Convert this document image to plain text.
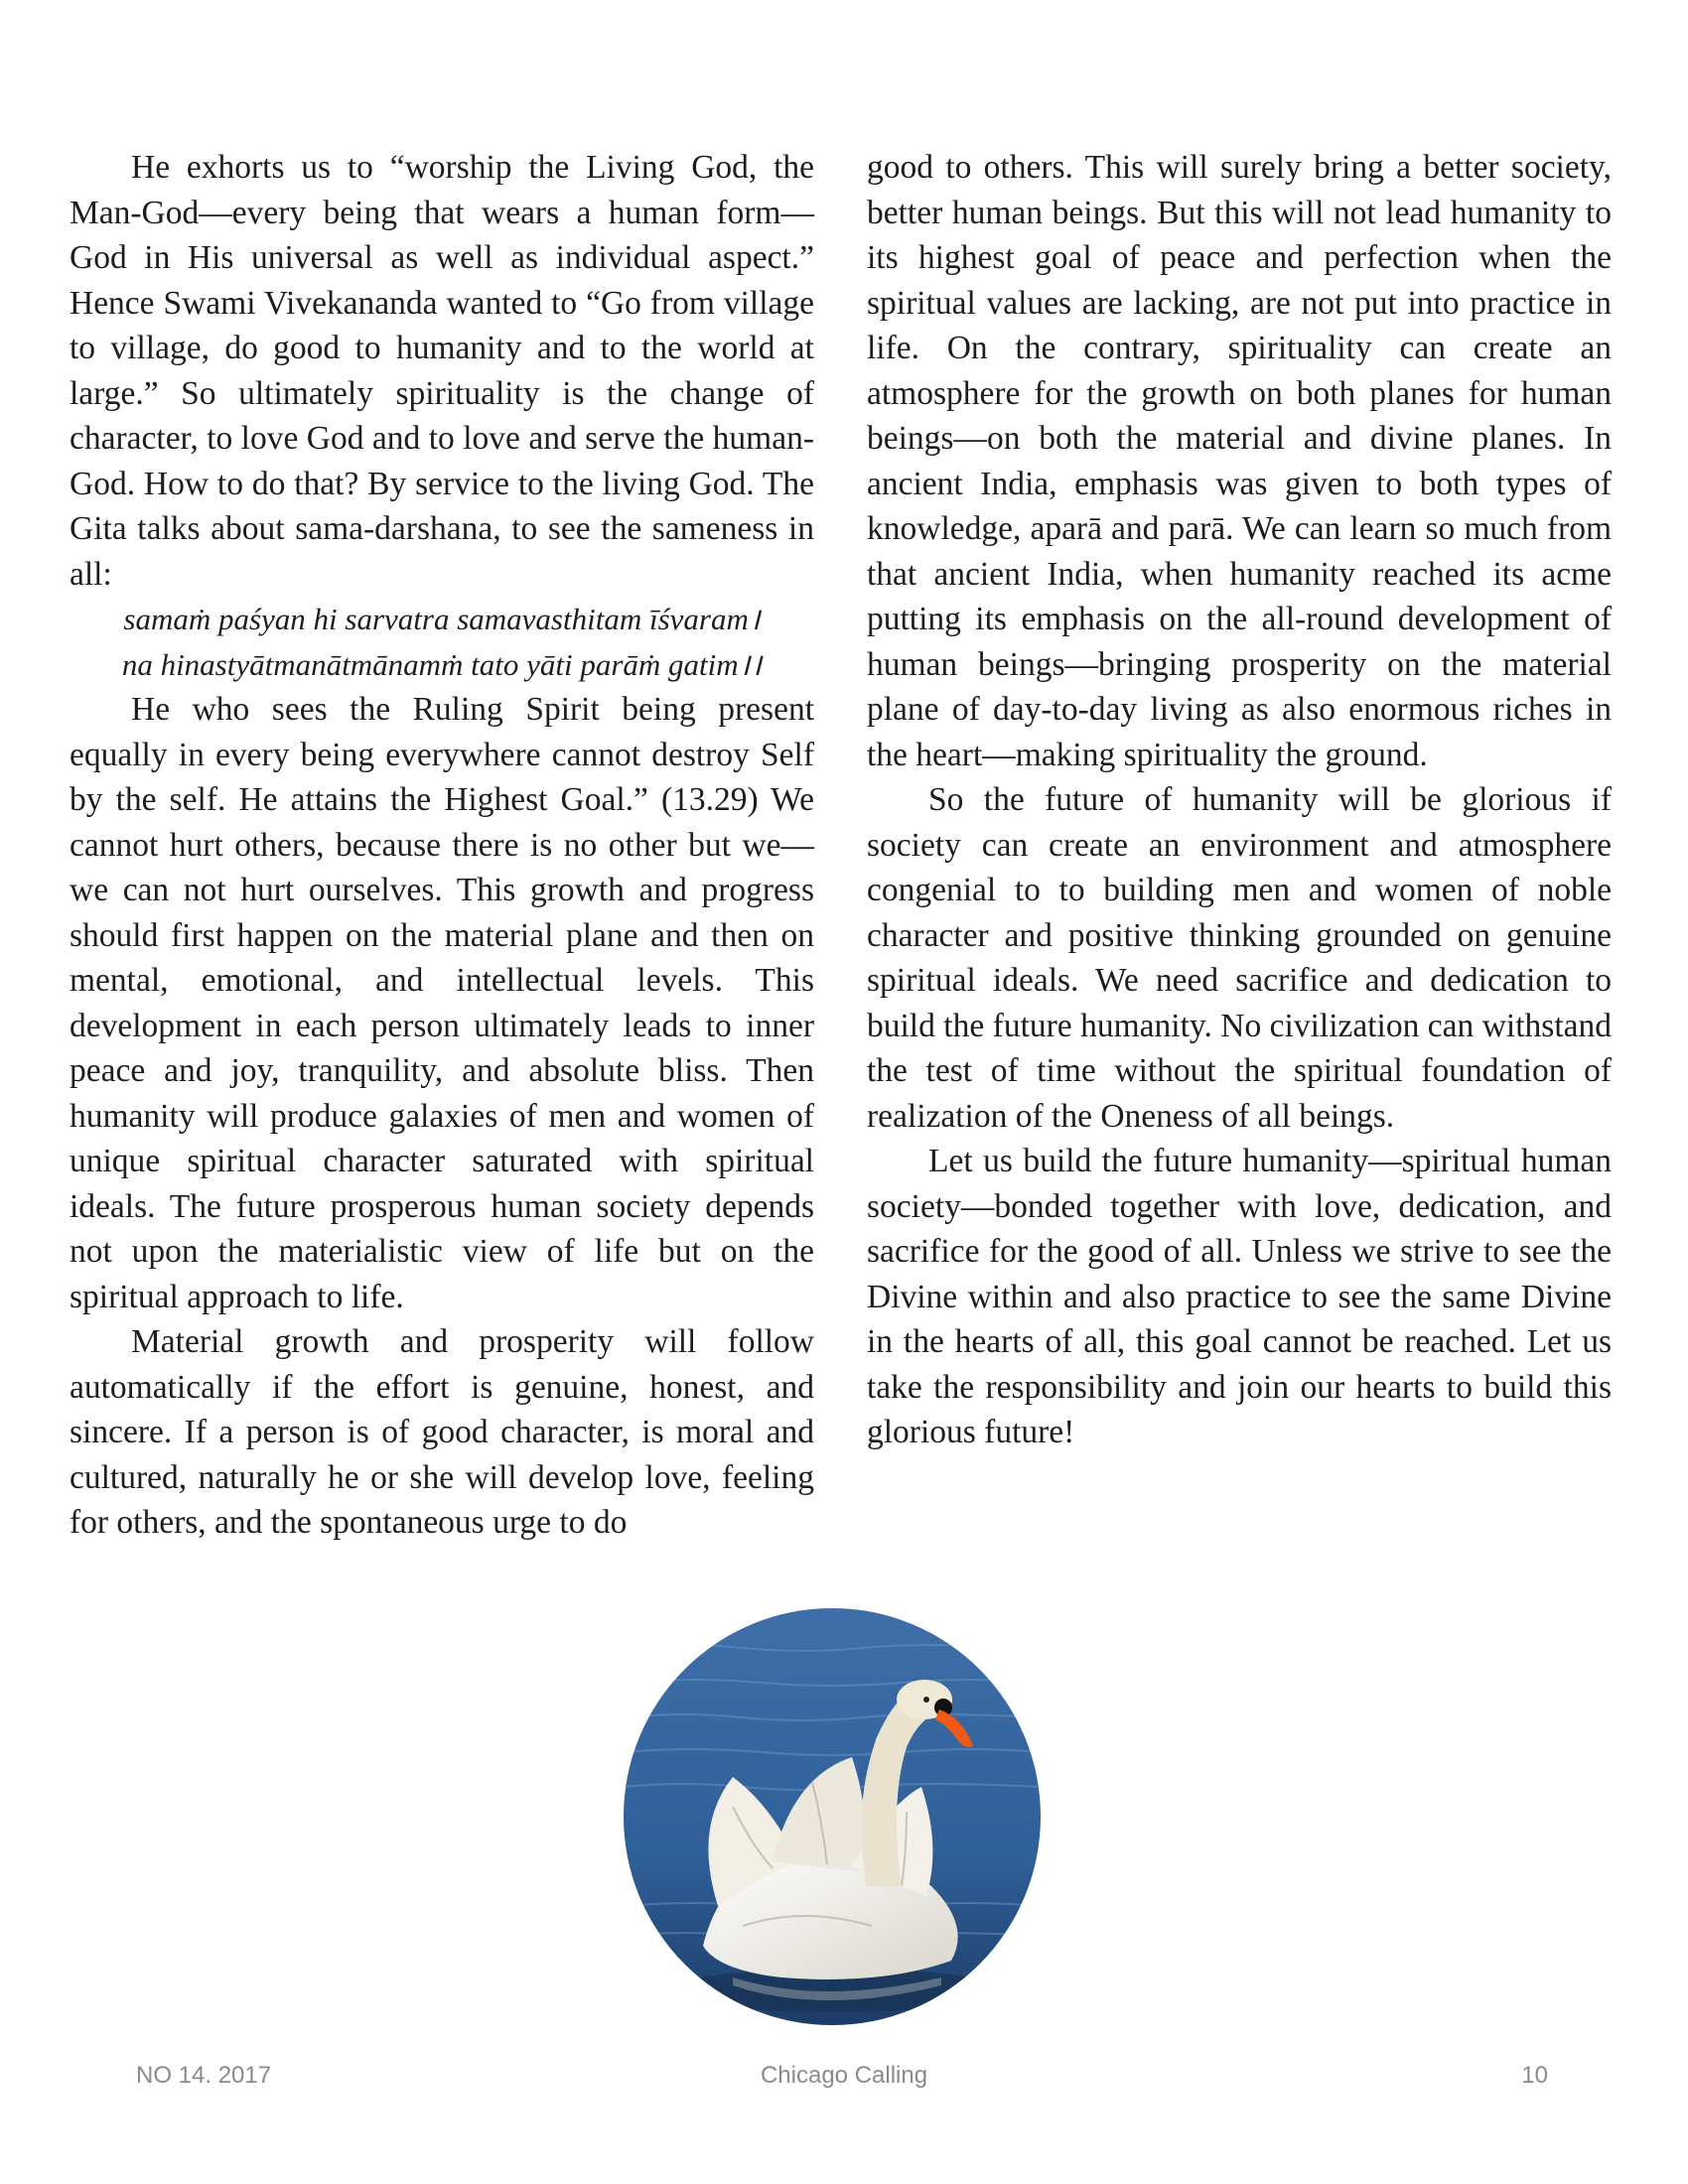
He exhorts us to “worship the Living God, the Man-God—every being that wears a human form—God in His universal as well as individual aspect.” Hence Swami Vivekananda wanted to “Go from village to village, do good to humanity and to the world at large.” So ultimately spirituality is the change of character, to love God and to love and serve the human-God. How to do that? By service to the living God. The Gita talks about sama-darshana, to see the sameness in all:

samaṁ paśyan hi sarvatra samavasthitam īśvaram।

na hinastyātmanātmānamṁ tato yāti parāṁ gatim।।

He who sees the Ruling Spirit being present equally in every being everywhere cannot destroy Self by the self. He attains the Highest Goal.” (13.29) We cannot hurt others, because there is no other but we—we can not hurt ourselves. This growth and progress should first happen on the material plane and then on mental, emotional, and intellectual levels. This development in each person ultimately leads to inner peace and joy, tranquility, and absolute bliss. Then humanity will produce galaxies of men and women of unique spiritual character saturated with spiritual ideals. The future prosperous human society depends not upon the materialistic view of life but on the spiritual approach to life.

Material growth and prosperity will follow automatically if the effort is genuine, honest, and sincere. If a person is of good character, is moral and cultured, naturally he or she will develop love, feeling for others, and the spontaneous urge to do

good to others. This will surely bring a better society, better human beings. But this will not lead humanity to its highest goal of peace and perfection when the spiritual values are lacking, are not put into practice in life. On the contrary, spirituality can create an atmosphere for the growth on both planes for human beings—on both the material and divine planes. In ancient India, emphasis was given to both types of knowledge, aparā and parā. We can learn so much from that ancient India, when humanity reached its acme putting its emphasis on the all-round development of human beings—bringing prosperity on the material plane of day-to-day living as also enormous riches in the heart—making spirituality the ground.

So the future of humanity will be glorious if society can create an environment and atmosphere congenial to to building men and women of noble character and positive thinking grounded on genuine spiritual ideals. We need sacrifice and dedication to build the future humanity. No civilization can withstand the test of time without the spiritual foundation of realization of the Oneness of all beings.

Let us build the future humanity—spiritual human society—bonded together with love, dedication, and sacrifice for the good of all. Unless we strive to see the Divine within and also practice to see the same Divine in the hearts of all, this goal cannot be reached. Let us take the responsibility and join our hearts to build this glorious future!

NO 14. 2017	Chicago Calling	10
